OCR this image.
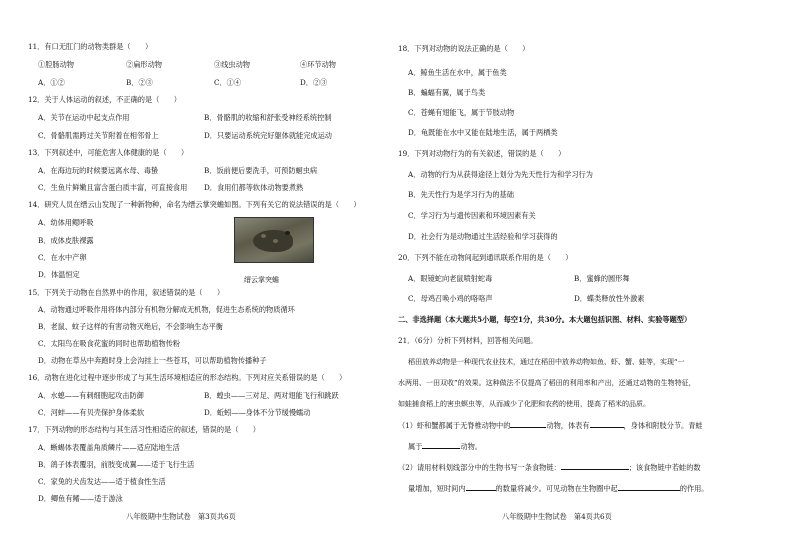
11．有口无肛门的动物类群是（　　）
①腔肠动物	②扁形动物	③线虫动物	④环节动物
A．①②	B．②③	C．①④	D．②③
12．关于人体运动的叙述，不正确的是（　　）
A．关节在运动中起支点作用	B．骨骼肌的收缩和舒张受神经系统控制
C．骨骼肌需跨过关节附着在相邻骨上	D．只要运动系统完好躯体就能完成运动
13．下列叙述中，可能危害人体健康的是（　　）
A．在海边玩的时候要远离水母、毒蛰	B．饭前便后要洗手，可预防蛔虫病
C．生鱼片鲜嫩且富含蛋白质丰富，可直接食用 D．食用们都等软体动物要煮熟
14．研究人员在缙云山发现了一种新物种，命名为缙云掌突蟾如图。下列有关它的说法错误的是（　　）
A．幼体用鳃呼吸
B．成体皮肤裸露
C．在水中产卵
D．体温恒定
15．下列关于动物在自然界中的作用，叙述错误的是（　　）
A．动物通过呼吸作用将体内部分有机物分解成无机物，促进生态系统的物质循环
B．老鼠、蚊子这样的有害动物灭绝后，不会影响生态平衡
C．太阳鸟在吸食花蜜的同时也帮助植物传粉
D．动物在草丛中奔跑时身上会沟挂上一些苍耳，可以帮助植物传播种子
16．动物在进化过程中逐步形成了与其生活环境相适应的形态结构。下列对应关系错误的是（　　）
A．水螅——有刺细胞起攻击防御	B．蝗虫——三对足、两对翅能飞行和跳跃
C．河蚌——有贝壳保护身体柔软	D．蚯蚓——身体不分节缓慢蠕动
17．下列动物的形态结构与其生活习性相适应的叙述，错误的是（　　）
A．蜥蜴体表覆盖角质鳞片——适应陆地生活
B．鸽子体表覆羽，前肢变成翼——适于飞行生活
C．家兔的犬齿发达——适于植食性生活
D．鲫鱼有鳍——适于游泳
八年级期中生物试卷　第3页共6页
缙云掌突蟾
18．下列对动物的说法正确的是（　　）
A．鲸鱼生活在水中，属于鱼类
B．蝙蝠有翼，属于鸟类
C．苍蝇有翅能飞，属于节肢动物
D．龟既能在水中又能在陆地生活，属于两栖类
19．下列对动物行为的有关叙述，错误的是（　　）
A．动物的行为从获得途径上划分为先天性行为和学习行为
B．先天性行为是学习行为的基础
C．学习行为与遗传因素和环境因素有关
D．社会行为是动物通过生活经验和学习获得的
20．下列不能在动物间起到通讯联系作用的是（　　）
A．眼镜蛇向老鼠喷射蛇毒	B．蜜蜂的圆形舞
C．母鸡召唤小鸡的咯咯声	D．蝶类释放性外激素
二、非选择题（本大题共5小题，每空1分，共30分。本大题包括识图、材料、实验等题型）
21．（6分）分析下列材料，回答相关问题。
稻田放养动物是一种现代农业技术，通过在稻田中放养动物如鱼、虾、蟹、蛙等，实现“一
水两用、一田双收”的效果。这种做法不仅提高了稻田的利用率和产出，还通过动物的生物特征，
如蛙捕食稻上的害虫螟虫等，从而减少了化肥和农药的使用，提高了稻米的品质。
（1）虾和蟹都属于无脊椎动物中的	动物，体表有	，身体和附肢分节。青蛙
属于	动物。
（2）请用材料划线部分中的生物书写一条食物链：	；该食物链中若蛙的数
量增加，短时间内	的数量将减少。可见动物在生物圈中起	的作用。
八年级期中生物试卷　第4页共6页
